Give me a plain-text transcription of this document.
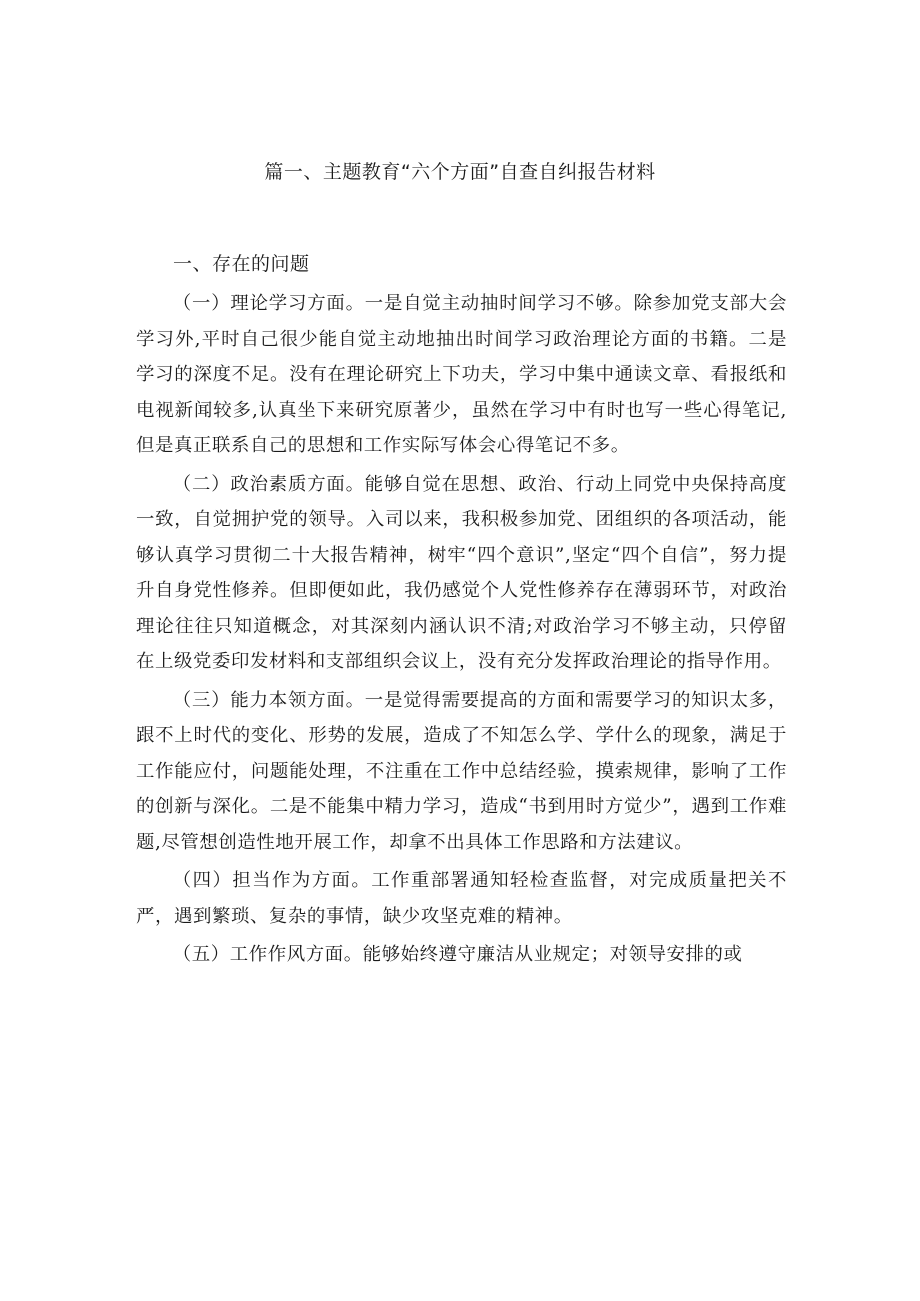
篇一、主题教育“六个方面”自查自纠报告材料
一、存在的问题

（一）理论学习方面。一是自觉主动抽时间学习不够。除参加党支部大会学习外,平时自己很少能自觉主动地抽出时间学习政治理论方面的书籍。二是学习的深度不足。没有在理论研究上下功夫，学习中集中通读文章、看报纸和电视新闻较多,认真坐下来研究原著少，虽然在学习中有时也写一些心得笔记,但是真正联系自己的思想和工作实际写体会心得笔记不多。

（二）政治素质方面。能够自觉在思想、政治、行动上同党中央保持高度一致，自觉拥护党的领导。入司以来，我积极参加党、团组织的各项活动，能够认真学习贯彻二十大报告精神，树牢“四个意识”,坚定“四个自信”，努力提升自身党性修养。但即便如此，我仍感觉个人党性修养存在薄弱环节，对政治理论往往只知道概念，对其深刻内涵认识不清;对政治学习不够主动，只停留在上级党委印发材料和支部组织会议上，没有充分发挥政治理论的指导作用。

（三）能力本领方面。一是觉得需要提高的方面和需要学习的知识太多，跟不上时代的变化、形势的发展，造成了不知怎么学、学什么的现象，满足于工作能应付，问题能处理，不注重在工作中总结经验，摸索规律，影响了工作的创新与深化。二是不能集中精力学习，造成“书到用时方觉少”，遇到工作难题,尽管想创造性地开展工作，却拿不出具体工作思路和方法建议。

（四）担当作为方面。工作重部署通知轻检查监督，对完成质量把关不严，遇到繁琐、复杂的事情，缺少攻坚克难的精神。

（五）工作作风方面。能够始终遵守廉洁从业规定；对领导安排的或
